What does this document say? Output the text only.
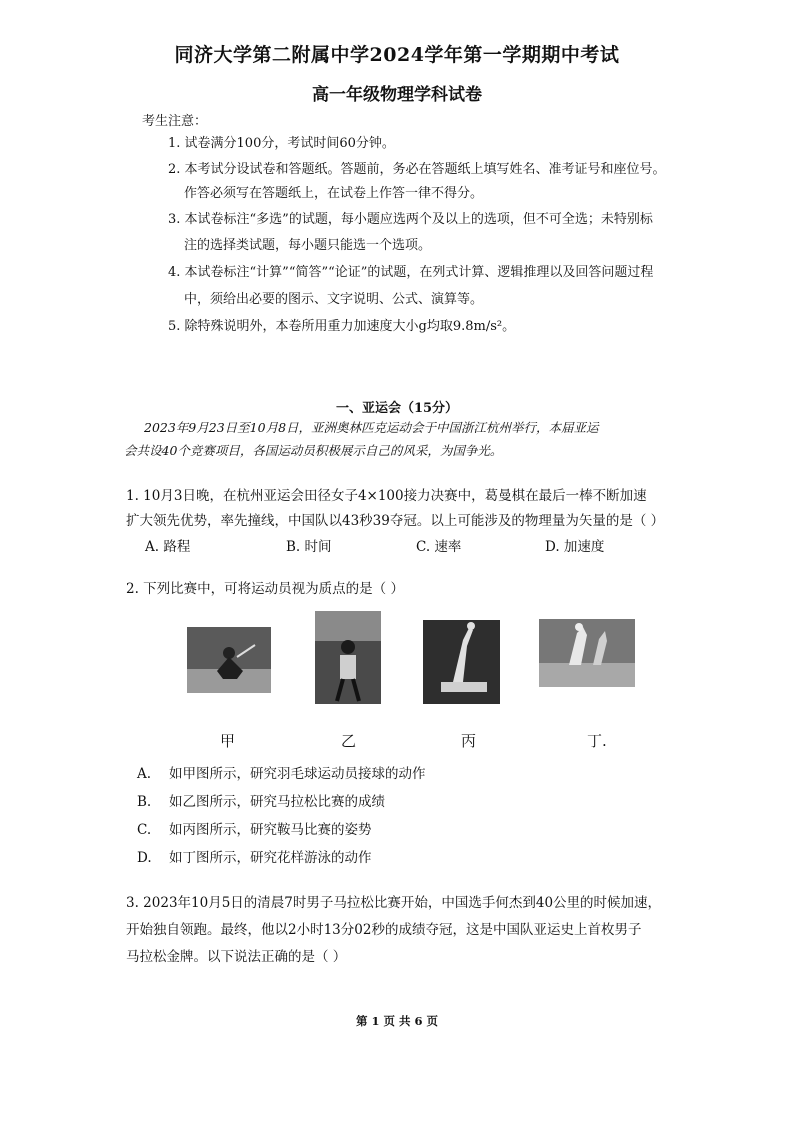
同济大学第二附属中学2024学年第一学期期中考试
高一年级物理学科试卷
考生注意：
1. 试卷满分100分，考试时间60分钟。
2. 本考试分设试卷和答题纸。答题前，务必在答题纸上填写姓名、准考证号和座位号。
作答必须写在答题纸上，在试卷上作答一律不得分。
3. 本试卷标注“多选”的试题，每小题应选两个及以上的选项，但不可全选；未特别标
注的选择类试题，每小题只能选一个选项。
4. 本试卷标注“计算”“简答”“论证”的试题，在列式计算、逻辑推理以及回答问题过程
中，须给出必要的图示、文字说明、公式、演算等。
5. 除特殊说明外，本卷所用重力加速度大小g均取9.8m/s²。
一、亚运会（15分）
2023年9月23日至10月8日，亚洲奥林匹克运动会于中国浙江杭州举行，本届亚运
会共设40个竞赛项目，各国运动员积极展示自己的风采，为国争光。
1. 10月3日晚，在杭州亚运会田径女子4×100接力决赛中，葛曼棋在最后一棒不断加速
扩大领先优势，率先撞线，中国队以43秒39夺冠。以上可能涉及的物理量为矢量的是（ ）
A. 路程	B. 时间	C. 速率	D. 加速度
2. 下列比赛中，可将运动员视为质点的是（ ）
甲	乙	丙	丁.
A. 如甲图所示，研究羽毛球运动员接球的动作
B. 如乙图所示，研究马拉松比赛的成绩
C. 如丙图所示，研究鞍马比赛的姿势
D. 如丁图所示，研究花样游泳的动作
3. 2023年10月5日的清晨7时男子马拉松比赛开始，中国选手何杰到40公里的时候加速，
开始独自领跑。最终，他以2小时13分02秒的成绩夺冠，这是中国队亚运史上首枚男子
马拉松金牌。以下说法正确的是（ ）
第 1 页 共 6 页
